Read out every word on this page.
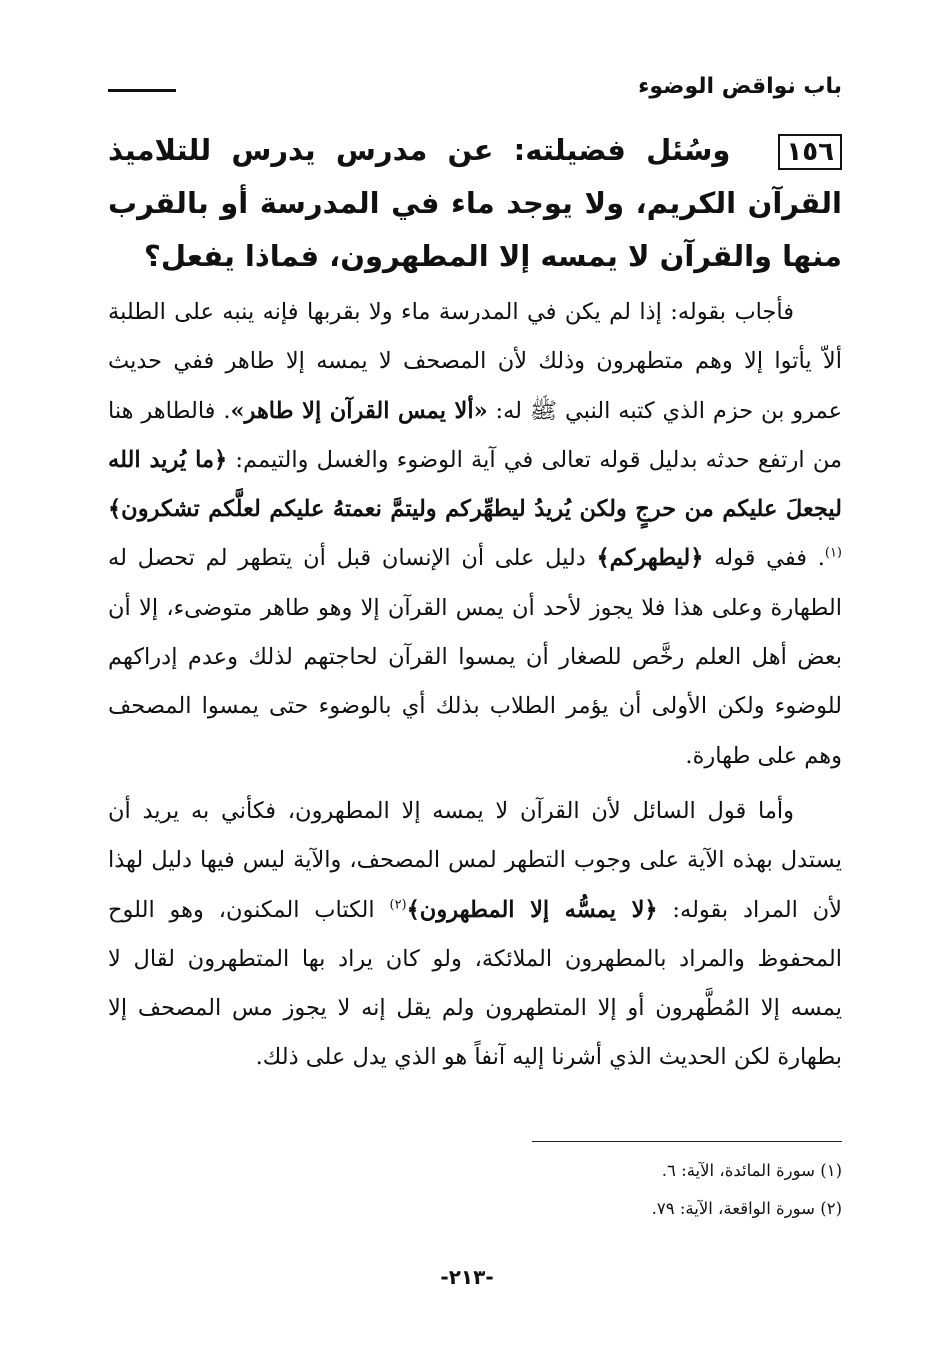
باب نواقض الوضوء
١٥٦وسُئل فضيلته: عن مدرس يدرس للتلاميذ القرآن الكريم، ولا يوجد ماء في المدرسة أو بالقرب منها والقرآن لا يمسه إلا المطهرون، فماذا يفعل؟

فأجاب بقوله: إذا لم يكن في المدرسة ماء ولا بقربها فإنه ينبه على الطلبة ألاّ يأتوا إلا وهم متطهرون وذلك لأن المصحف لا يمسه إلا طاهر ففي حديث عمرو بن حزم الذي كتبه النبي ﷺ له: «ألا يمس القرآن إلا طاهر». فالطاهر هنا من ارتفع حدثه بدليل قوله تعالى في آية الوضوء والغسل والتيمم: ﴿ما يُريد الله ليجعلَ عليكم من حرجٍ ولكن يُريدُ ليطهِّركم وليتمَّ نعمتهُ عليكم لعلَّكم تشكرون﴾$^{(١)}$. ففي قوله ﴿ليطهركم﴾ دليل على أن الإنسان قبل أن يتطهر لم تحصل له الطهارة وعلى هذا فلا يجوز لأحد أن يمس القرآن إلا وهو طاهر متوضىء، إلا أن بعض أهل العلم رخَّص للصغار أن يمسوا القرآن لحاجتهم لذلك وعدم إدراكهم للوضوء ولكن الأولى أن يؤمر الطلاب بذلك أي بالوضوء حتى يمسوا المصحف وهم على طهارة.

وأما قول السائل لأن القرآن لا يمسه إلا المطهرون، فكأني به يريد أن يستدل بهذه الآية على وجوب التطهر لمس المصحف، والآية ليس فيها دليل لهذا لأن المراد بقوله: ﴿لا يمسُّه إلا المطهرون﴾$^{(٢)}$ الكتاب المكنون، وهو اللوح المحفوظ والمراد بالمطهرون الملائكة، ولو كان يراد بها المتطهرون لقال لا يمسه إلا المُطَّهرون أو إلا المتطهرون ولم يقل إنه لا يجوز مس المصحف إلا بطهارة لكن الحديث الذي أشرنا إليه آنفاً هو الذي يدل على ذلك.

(١) سورة المائدة، الآية: ٦.
(٢) سورة الواقعة، الآية: ٧٩.
-٢١٣-
